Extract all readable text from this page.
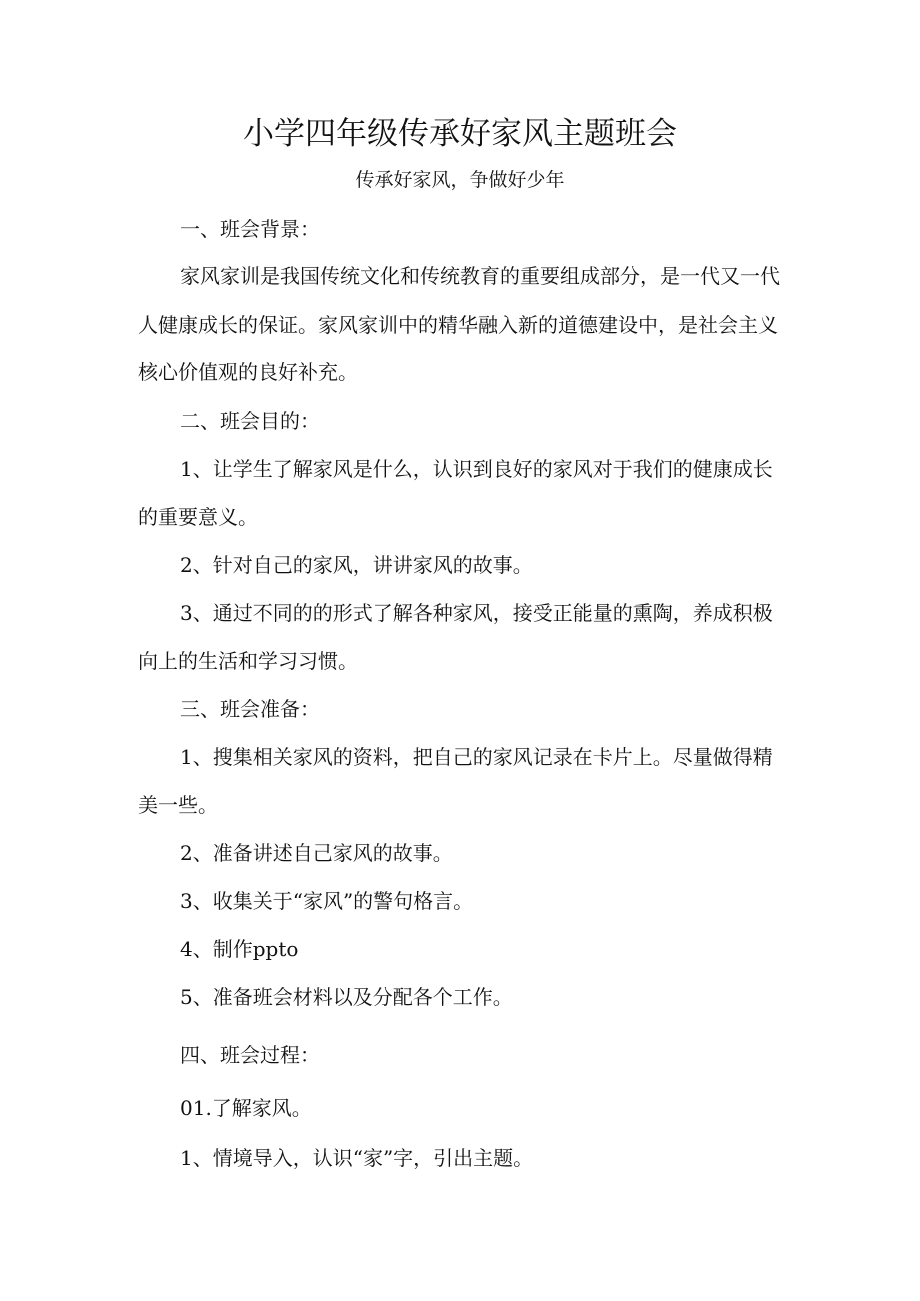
小学四年级传承好家风主题班会
传承好家风，争做好少年
一、班会背景：
家风家训是我国传统文化和传统教育的重要组成部分，是一代又一代
人健康成长的保证。家风家训中的精华融入新的道德建设中，是社会主义
核心价值观的良好补充。
二、班会目的：
1、让学生了解家风是什么，认识到良好的家风对于我们的健康成长
的重要意义。
2、针对自己的家风，讲讲家风的故事。
3、通过不同的的形式了解各种家风，接受正能量的熏陶，养成积极
向上的生活和学习习惯。
三、班会准备：
1、搜集相关家风的资料，把自己的家风记录在卡片上。尽量做得精
美一些。
2、准备讲述自己家风的故事。
3、收集关于“家风”的警句格言。
4、制作ppto
5、准备班会材料以及分配各个工作。
四、班会过程：
01.了解家风。
1、情境导入，认识“家”字，引出主题。
